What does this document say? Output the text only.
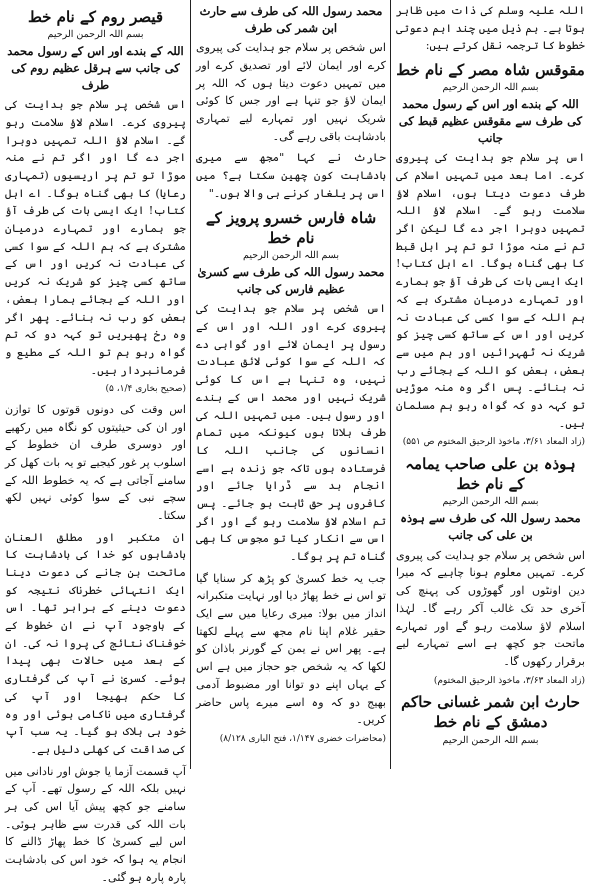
اللہ علیہ وسلم کی ذات میں ظاہر ہوتا ہے۔ ہم ذیل میں چند اہم دعوتی خطوط کا ترجمہ نقل کرتے ہیں:

مقوقس شاہ مصر کے نام خط
بسم اللہ الرحمن الرحیم
اللہ کے بندے اور اس کے رسول محمد کی طرف سے مقوقس عظیم قبط کی جانب

اس پر سلام جو ہدایت کی پیروی کرے۔ اما بعد میں تمہیں اسلام کی طرف دعوت دیتا ہوں، اسلام لاؤ سلامت رہو گے۔ اسلام لاؤ اللہ تمہیں دوہرا اجر دے گا لیکن اگر تم نے منہ موڑا تو تم پر اہل قبط کا بھی گناہ ہوگا۔ اے اہل کتاب! ایک ایسی بات کی طرف آؤ جو ہمارے اور تمہارے درمیان مشترک ہے کہ ہم اللہ کے سوا کسی کی عبادت نہ کریں اور اس کے ساتھ کسی چیز کو شریک نہ ٹھہرائیں اور ہم میں سے بعض، بعض کو اللہ کے بجائے رب نہ بنائے۔ پس اگر وہ منہ موڑیں تو کہہ دو کہ گواہ رہو ہم مسلمان ہیں۔

(زاد المعاد ۳/۶۱، ماخوذ الرحیق المختوم ص ۵۵۱)
ہوذہ بن علی صاحب یمامہ کے نام خط
بسم اللہ الرحمن الرحیم
محمد رسول اللہ کی طرف سے ہوذہ بن علی کی جانب

اس شخص پر سلام جو ہدایت کی پیروی کرے۔ تمہیں معلوم ہونا چاہیے کہ میرا دین اونٹوں اور گھوڑوں کی پہنچ کی آخری حد تک غالب آکر رہے گا۔ لہٰذا اسلام لاؤ سلامت رہو گے اور تمہارے ماتحت جو کچھ ہے اسے تمہارے لیے برقرار رکھوں گا۔

(زاد المعاد ۳/۶۳، ماخوذ الرحیق المختوم)
حارث ابن شمر غسانی حاکم دمشق کے نام خط
بسم اللہ الرحمن الرحیم
محمد رسول اللہ کی طرف سے حارث ابن شمر کی طرف

اس شخص پر سلام جو ہدایت کی پیروی کرے اور ایمان لائے اور تصدیق کرے اور میں تمہیں دعوت دیتا ہوں کہ اللہ پر ایمان لاؤ جو تنہا ہے اور جس کا کوئی شریک نہیں اور تمہارے لیے تمہاری بادشاہت باقی رہے گی۔

حارث نے کہا "مجھ سے میری بادشاہت کون چھین سکتا ہے؟ میں اس پر یلغار کرنے ہی والا ہوں۔"

شاہ فارس خسرو پرویز کے نام خط
بسم اللہ الرحمن الرحیم
محمد رسول اللہ کی طرف سے کسریٰ عظیم فارس کی جانب

اس شخص پر سلام جو ہدایت کی پیروی کرے اور اللہ اور اس کے رسول پر ایمان لائے اور گواہی دے کہ اللہ کے سوا کوئی لائق عبادت نہیں، وہ تنہا ہے اس کا کوئی شریک نہیں اور محمد اس کے بندے اور رسول ہیں۔ میں تمہیں اللہ کی طرف بلاتا ہوں کیونکہ میں تمام انسانوں کی جانب اللہ کا فرستادہ ہوں تاکہ جو زندہ ہے اسے انجام بد سے ڈرایا جائے اور کافروں پر حق ثابت ہو جائے۔ پس تم اسلام لاؤ سلامت رہو گے اور اگر اس سے انکار کیا تو مجوس کا بھی گناہ تم پر ہوگا۔

جب یہ خط کسریٰ کو پڑھ کر سنایا گیا تو اس نے خط پھاڑ دیا اور نہایت متکبرانہ انداز میں بولا: میری رعایا میں سے ایک حقیر غلام اپنا نام مجھ سے پہلے لکھتا ہے۔ پھر اس نے یمن کے گورنر باذان کو لکھا کہ یہ شخص جو حجاز میں ہے اس کے یہاں اپنے دو توانا اور مضبوط آدمی بھیج دو کہ وہ اسے میرے پاس حاضر کریں۔

(محاضرات خضری ۱/۱۴۷، فتح الباری ۸/۱۲۸)
قیصر روم کے نام خط
بسم اللہ الرحمن الرحیم
اللہ کے بندے اور اس کے رسول محمد کی جانب سے ہرقل عظیم روم کی طرف

اس شخص پر سلام جو ہدایت کی پیروی کرے۔ اسلام لاؤ سلامت رہو گے۔ اسلام لاؤ اللہ تمہیں دوہرا اجر دے گا اور اگر تم نے منہ موڑا تو تم پر اریسیوں (تمہاری رعایا) کا بھی گناہ ہوگا۔ اے اہل کتاب! ایک ایسی بات کی طرف آؤ جو ہمارے اور تمہارے درمیان مشترک ہے کہ ہم اللہ کے سوا کسی کی عبادت نہ کریں اور اس کے ساتھ کسی چیز کو شریک نہ کریں اور اللہ کے بجائے ہمارا بعض، بعض کو رب نہ بنائے۔ پھر اگر وہ رخ پھیریں تو کہہ دو کہ تم گواہ رہو ہم تو اللہ کے مطیع و فرمانبردار ہیں۔

(صحیح بخاری ۱/۴، ۵)

اس وقت کی دونوں قوتوں کا توازن اور ان کی حیثیتوں کو نگاہ میں رکھیے اور دوسری طرف ان خطوط کے اسلوب پر غور کیجیے تو یہ بات کھل کر سامنے آجاتی ہے کہ یہ خطوط اللہ کے سچے نبی کے سوا کوئی نہیں لکھ سکتا۔

ان متکبر اور مطلق العنان بادشاہوں کو خدا کی بادشاہت کا ماتحت بن جانے کی دعوت دینا ایک انتہائی خطرناک نتیجہ کو دعوت دینے کے برابر تھا۔ اس کے باوجود آپ نے ان خطوط کے خوفناک نتائج کی پروا نہ کی۔ ان کے بعد میں حالات بھی پیدا ہوئے۔ کسریٰ نے آپ کی گرفتاری کا حکم بھیجا اور آپ کی گرفتاری میں ناکامی ہوئی اور وہ خود ہی ہلاک ہو گیا۔ یہ سب آپ کی صداقت کی کھلی دلیل ہے۔

آپ قسمت آزما یا جوش اور نادانی میں نہیں بلکہ اللہ کے رسول تھے۔ آپ کے سامنے جو کچھ پیش آیا اس کی ہر بات اللہ کی قدرت سے ظاہر ہوئی۔ اس لیے کسریٰ کا خط پھاڑ ڈالنے کا انجام یہ ہوا کہ خود اس کی بادشاہت پارہ پارہ ہو گئی۔
